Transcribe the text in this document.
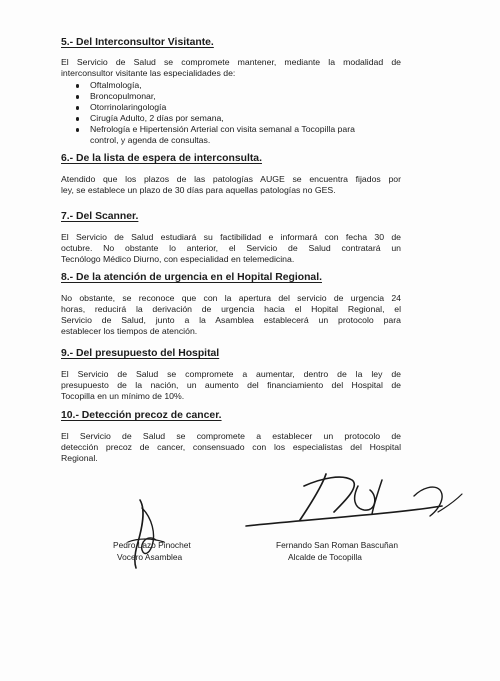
5.- Del Interconsultor Visitante.

El Servicio de Salud se compromete mantener, mediante la modalidad de
interconsultor visitante las especialidades de:
Oftalmología,
Broncopulmonar,
Otorrinolaringología
Cirugía Adulto, 2 días por semana,
Nefrología e Hipertensión Arterial con visita semanal a Tocopilla para
control, y agenda de consultas.

6.- De la lista de espera de interconsulta.

Atendido que los plazos de las patologías AUGE se encuentra fijados por
ley, se establece un plazo de 30 días para aquellas patologías no GES.

7.- Del Scanner.

El Servicio de Salud estudiará su factibilidad e informará con fecha 30 de
octubre. No obstante lo anterior, el Servicio de Salud contratará un
Tecnólogo Médico Diurno, con especialidad en telemedicina.

8.- De la atención de urgencia en el Hopital Regional.

No obstante, se reconoce que con la apertura del servicio de urgencia 24
horas, reducirá la derivación de urgencia hacia el Hopital Regional, el
Servicio de Salud, junto a la Asamblea establecerá un protocolo para
establecer los tiempos de atención.

9.- Del presupuesto del Hospital

El Servicio de Salud se compromete a aumentar, dentro de la ley de
presupuesto de la nación, un aumento del financiamiento del Hospital de
Tocopilla en un mínimo de 10%.

10.- Detección precoz de cancer.

El Servicio de Salud se compromete a establecer un protocolo de
detección precoz de cancer, consensuado con los especialistas del Hospital
Regional.
Pedro Lazo Pinochet
Vocero Asamblea
Fernando San Roman Bascuñan
Alcalde de Tocopilla
